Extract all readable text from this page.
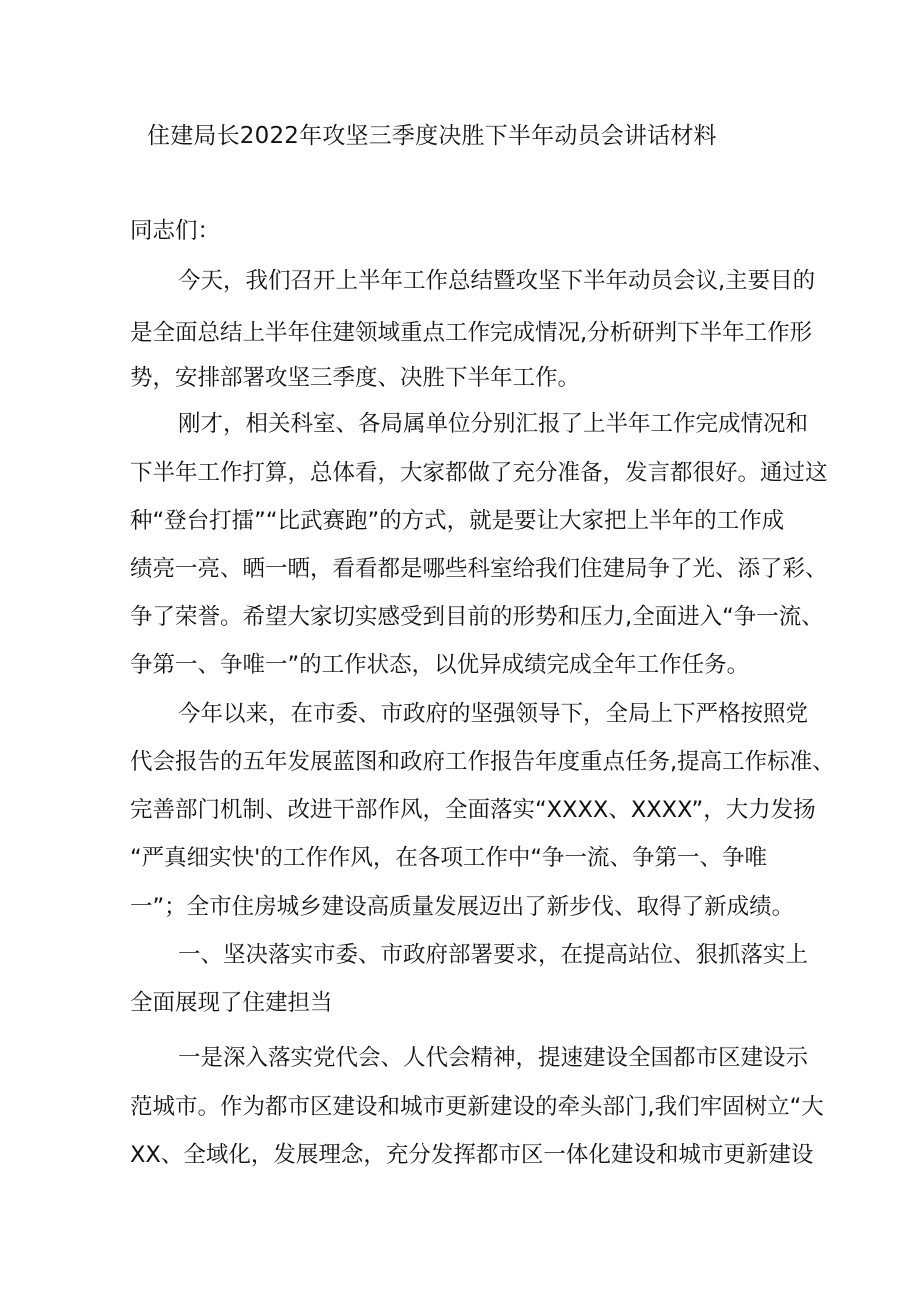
住建局长2022年攻坚三季度决胜下半年动员会讲话材料
同志们：
今天，我们召开上半年工作总结暨攻坚下半年动员会议,主要目的
是全面总结上半年住建领域重点工作完成情况,分析研判下半年工作形
势，安排部署攻坚三季度、决胜下半年工作。
刚才，相关科室、各局属单位分别汇报了上半年工作完成情况和
下半年工作打算，总体看，大家都做了充分准备，发言都很好。通过这
种“登台打擂”“比武赛跑”的方式，就是要让大家把上半年的工作成
绩亮一亮、晒一晒，看看都是哪些科室给我们住建局争了光、添了彩、
争了荣誉。希望大家切实感受到目前的形势和压力,全面进入“争一流、
争第一、争唯一”的工作状态，以优异成绩完成全年工作任务。
今年以来，在市委、市政府的坚强领导下，全局上下严格按照党
代会报告的五年发展蓝图和政府工作报告年度重点任务,提高工作标准、
完善部门机制、改进干部作风，全面落实“XXXX、XXXX”，大力发扬
“严真细实快'的工作作风，在各项工作中“争一流、争第一、争唯
一”；全市住房城乡建设高质量发展迈出了新步伐、取得了新成绩。
一、坚决落实市委、市政府部署要求，在提高站位、狠抓落实上
全面展现了住建担当
一是深入落实党代会、人代会精神，提速建设全国都市区建设示
范城市。作为都市区建设和城市更新建设的牵头部门,我们牢固树立“大
XX、全域化，发展理念，充分发挥都市区一体化建设和城市更新建设
